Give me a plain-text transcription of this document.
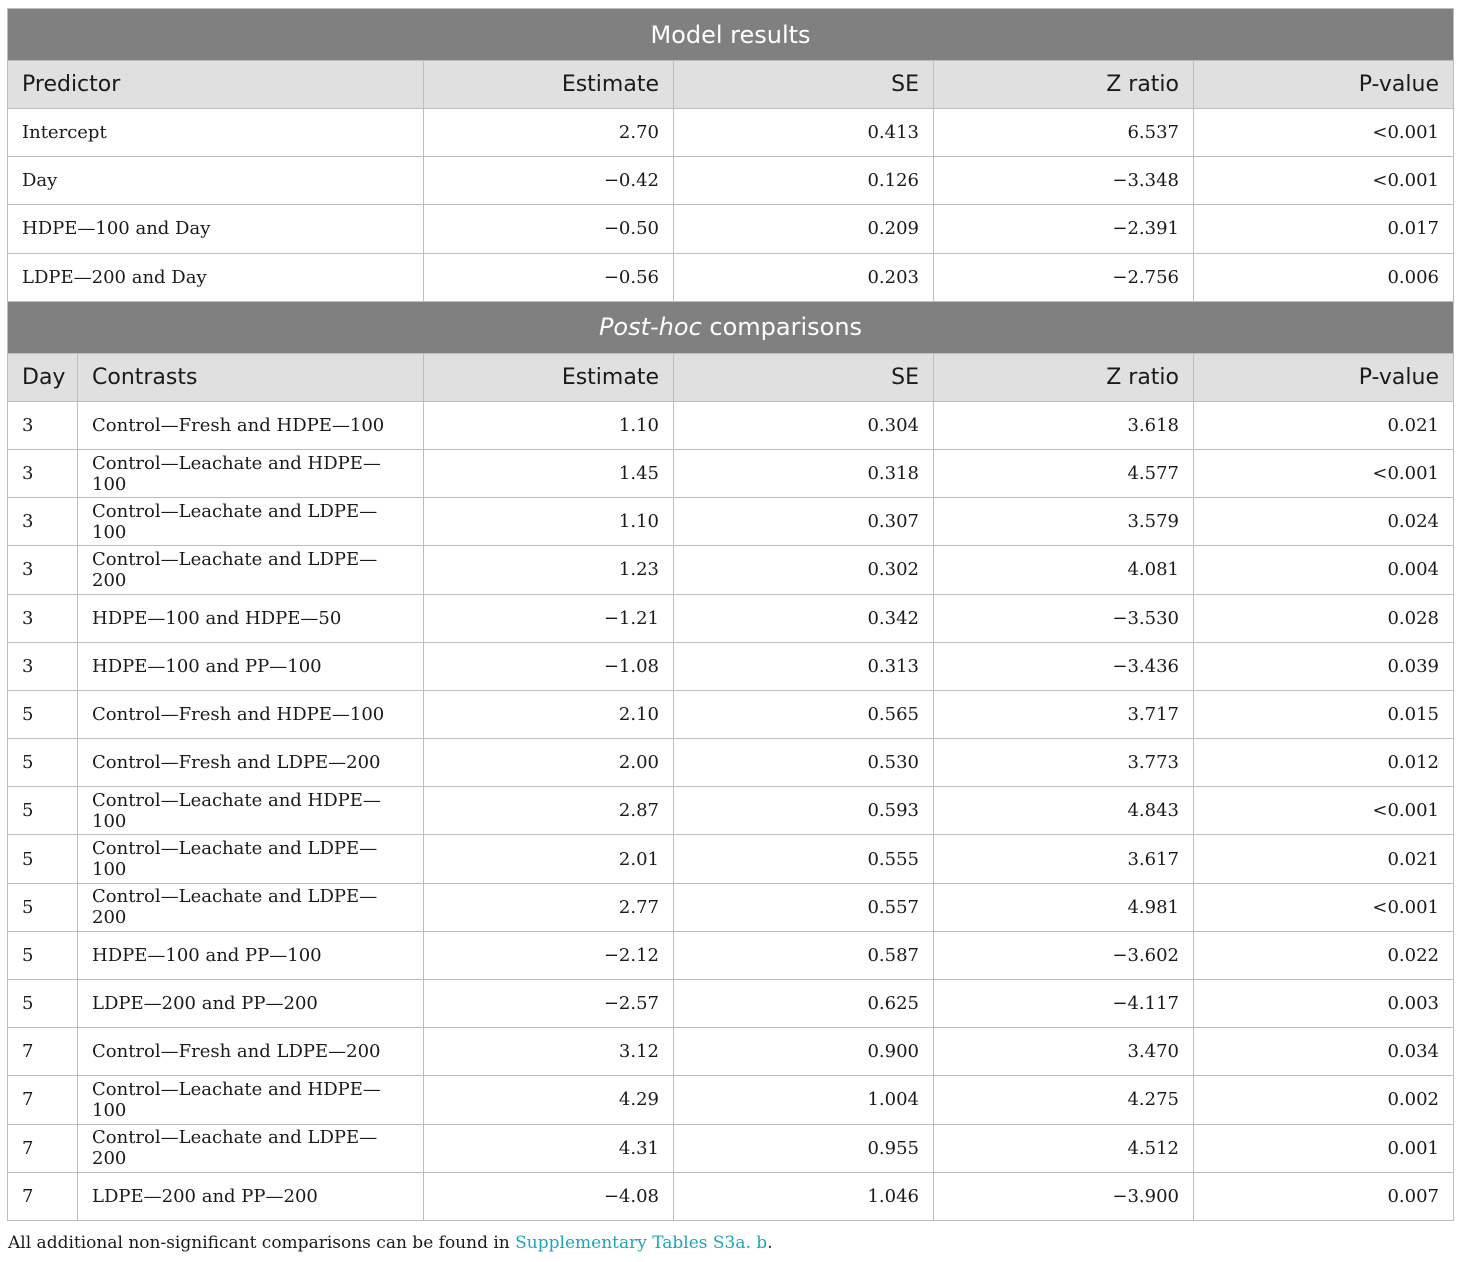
Model results					
Predictor		Estimate	SE	Z ratio	P-value
Intercept		2.70	0.413	6.537	<0.001
Day		−0.42	0.126	−3.348	<0.001
HDPE—100 and Day		−0.50	0.209	−2.391	0.017
LDPE—200 and Day		−0.56	0.203	−2.756	0.006
Post-hoc comparisons					
Day	Contrasts	Estimate	SE	Z ratio	P-value
3	Control—Fresh and HDPE—100	1.10	0.304	3.618	0.021
3	Control—Leachate and HDPE—100	1.45	0.318	4.577	<0.001
3	Control—Leachate and LDPE—100	1.10	0.307	3.579	0.024
3	Control—Leachate and LDPE—200	1.23	0.302	4.081	0.004
3	HDPE—100 and HDPE—50	−1.21	0.342	−3.530	0.028
3	HDPE—100 and PP—100	−1.08	0.313	−3.436	0.039
5	Control—Fresh and HDPE—100	2.10	0.565	3.717	0.015
5	Control—Fresh and LDPE—200	2.00	0.530	3.773	0.012
5	Control—Leachate and HDPE—100	2.87	0.593	4.843	<0.001
5	Control—Leachate and LDPE—100	2.01	0.555	3.617	0.021
5	Control—Leachate and LDPE—200	2.77	0.557	4.981	<0.001
5	HDPE—100 and PP—100	−2.12	0.587	−3.602	0.022
5	LDPE—200 and PP—200	−2.57	0.625	−4.117	0.003
7	Control—Fresh and LDPE—200	3.12	0.900	3.470	0.034
7	Control—Leachate and HDPE—100	4.29	1.004	4.275	0.002
7	Control—Leachate and LDPE—200	4.31	0.955	4.512	0.001
7	LDPE—200 and PP—200	−4.08	1.046	−3.900	0.007
All additional non-significant comparisons can be found in Supplementary Tables S3a. b.
